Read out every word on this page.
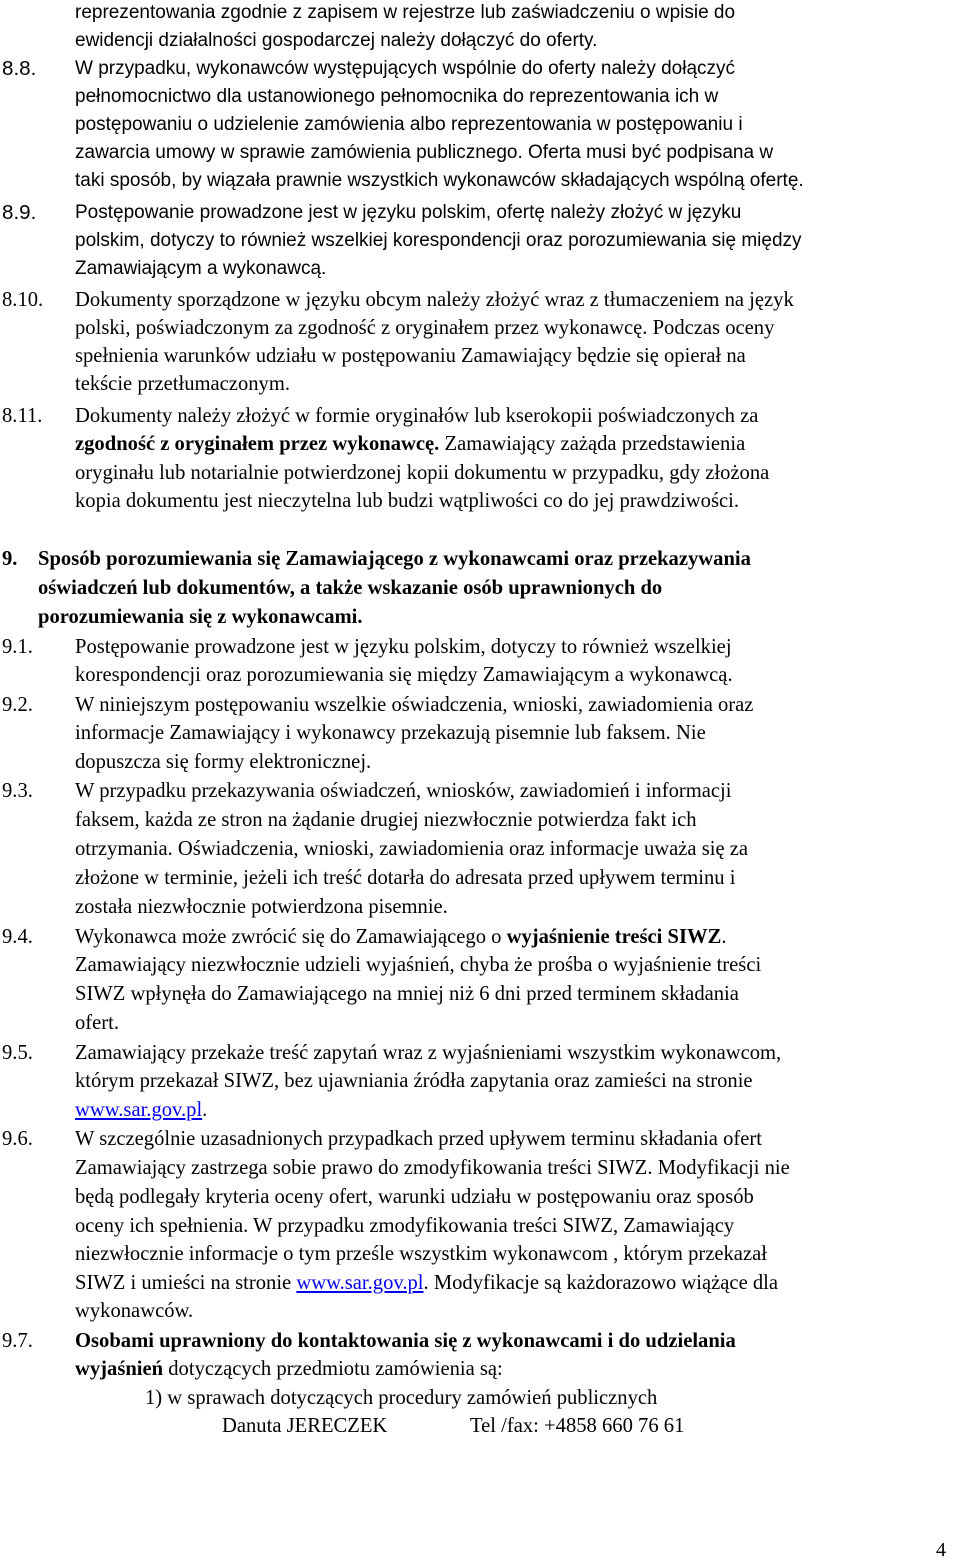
reprezentowania zgodnie z zapisem w rejestrze lub zaświadczeniu o wpisie do
ewidencji działalności gospodarczej należy dołączyć do oferty.
8.8. W przypadku, wykonawców występujących wspólnie do oferty należy dołączyć
pełnomocnictwo dla ustanowionego pełnomocnika do reprezentowania ich w
postępowaniu o udzielenie zamówienia albo reprezentowania w postępowaniu i
zawarcia umowy w sprawie zamówienia publicznego. Oferta musi być podpisana w
taki sposób, by wiązała prawnie wszystkich wykonawców składających wspólną ofertę.
8.9. Postępowanie prowadzone jest w języku polskim, ofertę należy złożyć w języku
polskim, dotyczy to również wszelkiej korespondencji oraz porozumiewania się między
Zamawiającym a wykonawcą.
8.10. Dokumenty sporządzone w języku obcym należy złożyć wraz z tłumaczeniem na język
polski, poświadczonym za zgodność z oryginałem przez wykonawcę. Podczas oceny
spełnienia warunków udziału w postępowaniu Zamawiający będzie się opierał na
tekście przetłumaczonym.
8.11. Dokumenty należy złożyć w formie oryginałów lub kserokopii poświadczonych za
zgodność z oryginałem przez wykonawcę. Zamawiający zażąda przedstawienia
oryginału lub notarialnie potwierdzonej kopii dokumentu w przypadku, gdy złożona
kopia dokumentu jest nieczytelna lub budzi wątpliwości co do jej prawdziwości.
9. Sposób porozumiewania się Zamawiającego z wykonawcami oraz przekazywania
oświadczeń lub dokumentów, a także wskazanie osób uprawnionych do
porozumiewania się z wykonawcami.
9.1. Postępowanie prowadzone jest w języku polskim, dotyczy to również wszelkiej
korespondencji oraz porozumiewania się między Zamawiającym a wykonawcą.
9.2. W niniejszym postępowaniu wszelkie oświadczenia, wnioski, zawiadomienia oraz
informacje Zamawiający i wykonawcy przekazują pisemnie lub faksem. Nie
dopuszcza się formy elektronicznej.
9.3. W przypadku przekazywania oświadczeń, wniosków, zawiadomień i informacji
faksem, każda ze stron na żądanie drugiej niezwłocznie potwierdza fakt ich
otrzymania. Oświadczenia, wnioski, zawiadomienia oraz informacje uważa się za
złożone w terminie, jeżeli ich treść dotarła do adresata przed upływem terminu i
została niezwłocznie potwierdzona pisemnie.
9.4. Wykonawca może zwrócić się do Zamawiającego o wyjaśnienie treści SIWZ.
Zamawiający niezwłocznie udzieli wyjaśnień, chyba że prośba o wyjaśnienie treści
SIWZ wpłynęła do Zamawiającego na mniej niż 6 dni przed terminem składania
ofert.
9.5. Zamawiający przekaże treść zapytań wraz z wyjaśnieniami wszystkim wykonawcom,
którym przekazał SIWZ, bez ujawniania źródła zapytania oraz zamieści na stronie
www.sar.gov.pl.
9.6. W szczególnie uzasadnionych przypadkach przed upływem terminu składania ofert
Zamawiający zastrzega sobie prawo do zmodyfikowania treści SIWZ. Modyfikacji nie
będą podlegały kryteria oceny ofert, warunki udziału w postępowaniu oraz sposób
oceny ich spełnienia. W przypadku zmodyfikowania treści SIWZ, Zamawiający
niezwłocznie informacje o tym prześle wszystkim wykonawcom , którym przekazał
SIWZ i umieści na stronie www.sar.gov.pl. Modyfikacje są każdorazowo wiążące dla
wykonawców.
9.7. Osobami uprawniony do kontaktowania się z wykonawcami i do udzielania
wyjaśnień dotyczących przedmiotu zamówienia są:
1) w sprawach dotyczących procedury zamówień publicznych
Danuta JERECZEK	Tel /fax: +4858 660 76 61
4
